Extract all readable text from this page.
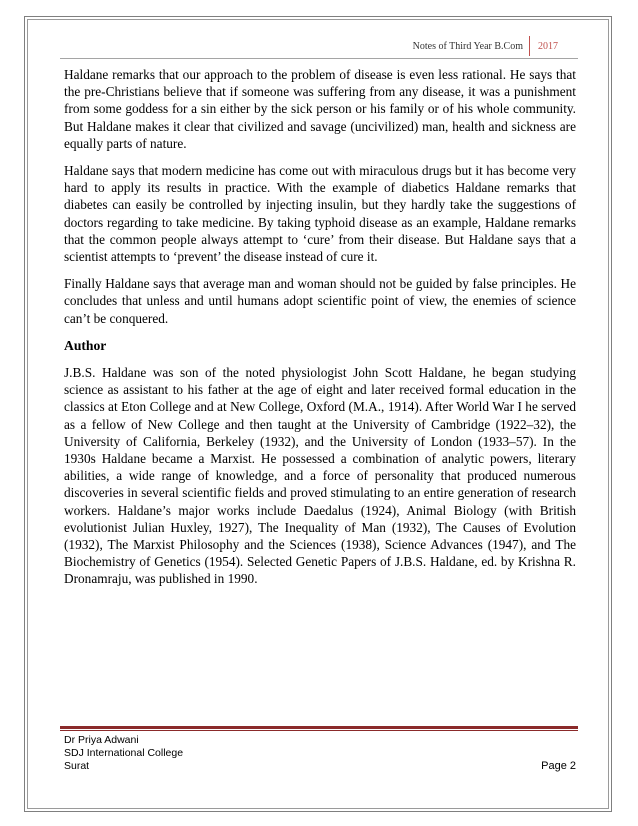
Notes of Third Year B.Com	2017

Haldane remarks that our approach to the problem of disease is even less rational. He says that the pre-Christians believe that if someone was suffering from any disease, it was a punishment from some goddess for a sin either by the sick person or his family or of his whole community. But Haldane makes it clear that civilized and savage (uncivilized) man, health and sickness are equally parts of nature.

Haldane says that modern medicine has come out with miraculous drugs but it has become very hard to apply its results in practice. With the example of diabetics Haldane remarks that diabetes can easily be controlled by injecting insulin, but they hardly take the suggestions of doctors regarding to take medicine. By taking typhoid disease as an example, Haldane remarks that the common people always attempt to ‘cure’ from their disease. But Haldane says that a scientist attempts to ‘prevent’ the disease instead of cure it.

Finally Haldane says that average man and woman should not be guided by false principles. He concludes that unless and until humans adopt scientific point of view, the enemies of science can’t be conquered.

Author

J.B.S. Haldane was son of the noted physiologist John Scott Haldane, he began studying science as assistant to his father at the age of eight and later received formal education in the classics at Eton College and at New College, Oxford (M.A., 1914). After World War I he served as a fellow of New College and then taught at the University of Cambridge (1922–32), the University of California, Berkeley (1932), and the University of London (1933–57). In the 1930s Haldane became a Marxist. He possessed a combination of analytic powers, literary abilities, a wide range of knowledge, and a force of personality that produced numerous discoveries in several scientific fields and proved stimulating to an entire generation of research workers. Haldane’s major works include Daedalus (1924), Animal Biology (with British evolutionist Julian Huxley, 1927), The Inequality of Man (1932), The Causes of Evolution (1932), The Marxist Philosophy and the Sciences (1938), Science Advances (1947), and The Biochemistry of Genetics (1954). Selected Genetic Papers of J.B.S. Haldane, ed. by Krishna R. Dronamraju, was published in 1990.

Dr Priya Adwani
SDJ International College
Surat	Page 2
